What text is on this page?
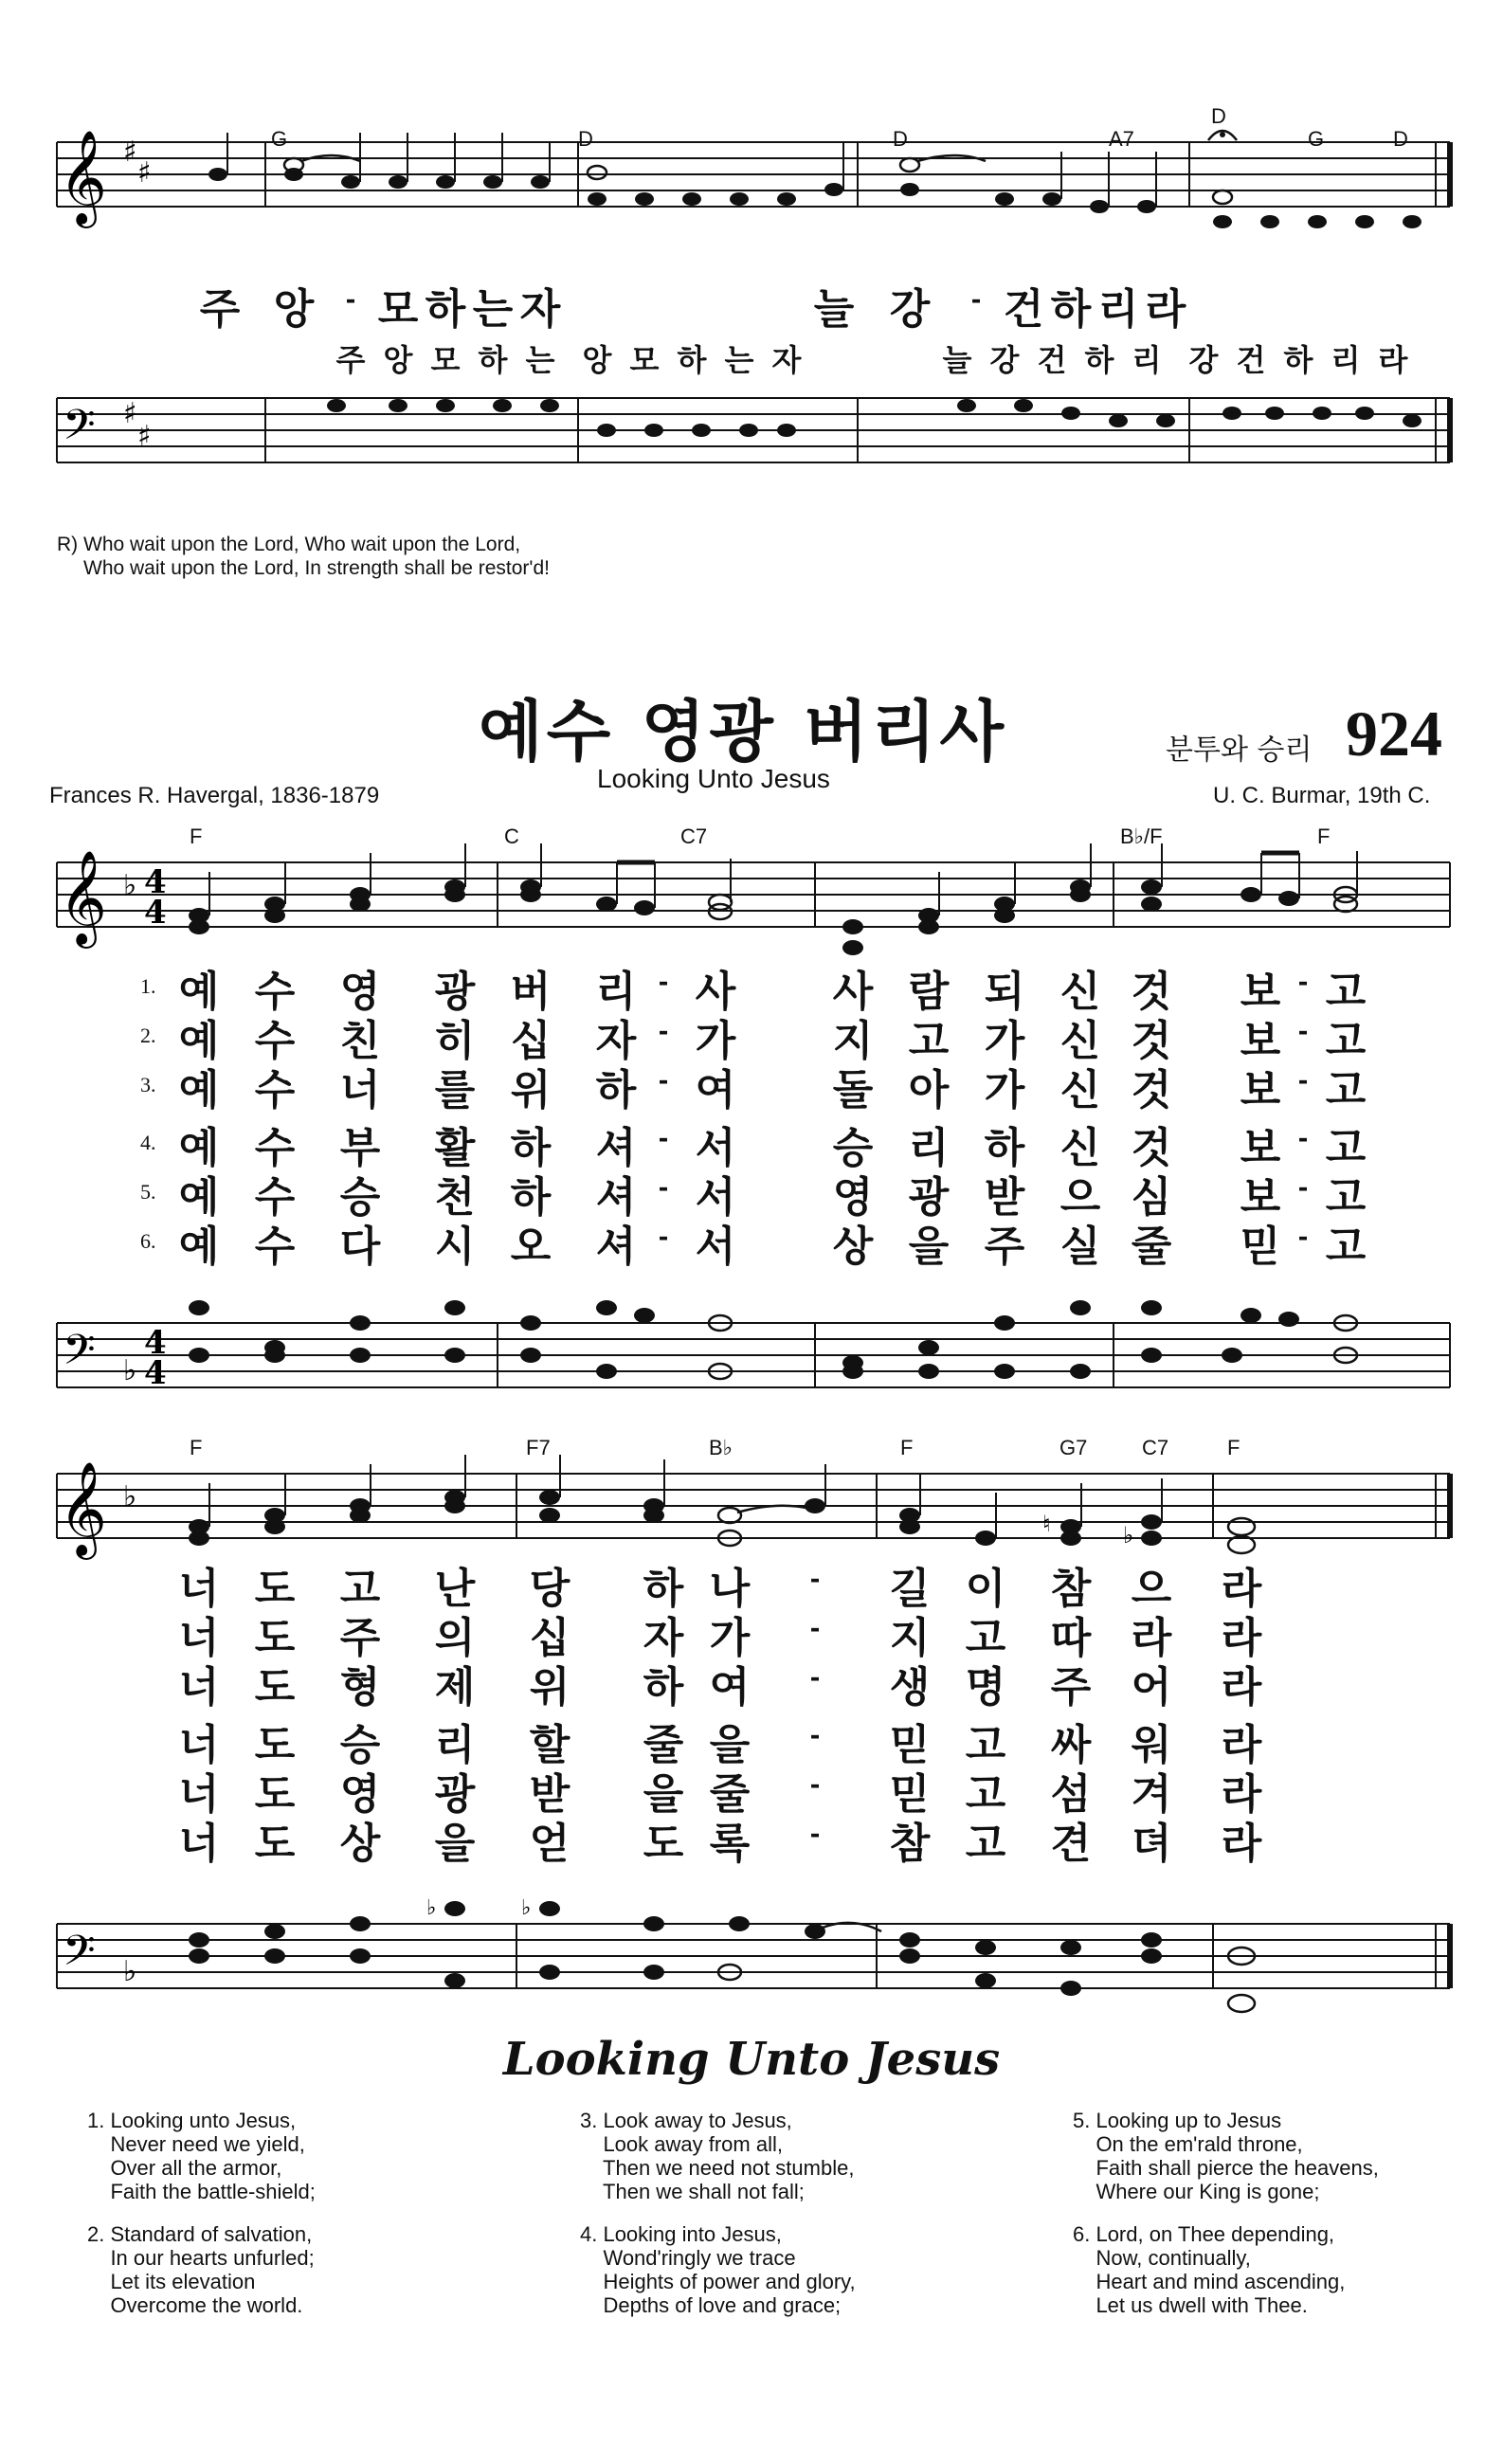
𝄞 ♯
♯
G	D	D	A7
D
G	D
주 앙 - 모 하 는 자	늘 강 - 건 하 리 라
주 앙 모 하 는 앙 모 하 는 자	늘 강 건 하 리 강 건 하 리 라
𝄢 ♯
♯
R) Who wait upon the Lord, Who wait upon the Lord,
Who wait upon the Lord, In strength shall be restor'd!
예수 영광 버리사
Looking Unto Jesus
분투와 승리 924
Frances R. Havergal, 1836-1879	U. C. Burmar, 19th C.
F	C	C7	B♭/F	F
𝄞 ♭ 4
4
1. 예 수 영 광 버 리 - 사 사 람 되 신 것 보 - 고
2. 예 수 친 히 십 자 - 가 지 고 가 신 것 보 - 고
3. 예 수 너 를 위 하 - 여 돌 아 가 신 것 보 - 고
4. 예 수 부 활 하 셔 - 서 승 리 하 신 것 보 - 고
5. 예 수 승 천 하 셔 - 서 영 광 받 으 심 보 - 고
6. 예 수 다 시 오 셔 - 서 상 을 주 실 줄 믿 - 고
𝄢 ♭
4
4
F	F7	B♭	F	G7	C7	F
𝄞 ♭
♮	♭
너 도 고 난 당 하 나 - 길 이 참 으 라
너 도 주 의 십 자 가 - 지 고 따 라 라
너 도 형 제 위 하 여 - 생 명 주 어 라
너 도 승 리 할 줄 을 - 믿 고 싸 워 라
너 도 영 광 받 을 줄 - 믿 고 섬 겨 라
너 도 상 을 얻 도 록 - 참 고 견 뎌 라
𝄢 ♭
♭	♭
Looking Unto Jesus
1. Looking unto Jesus,
Never need we yield,
Over all the armor,
Faith the battle-shield;
2. Standard of salvation,
In our hearts unfurled;
Let its elevation
Overcome the world.
3. Look away to Jesus,
Look away from all,
Then we need not stumble,
Then we shall not fall;
4. Looking into Jesus,
Wond'ringly we trace
Heights of power and glory,
Depths of love and grace;
5. Looking up to Jesus
On the em'rald throne,
Faith shall pierce the heavens,
Where our King is gone;
6. Lord, on Thee depending,
Now, continually,
Heart and mind ascending,
Let us dwell with Thee.
